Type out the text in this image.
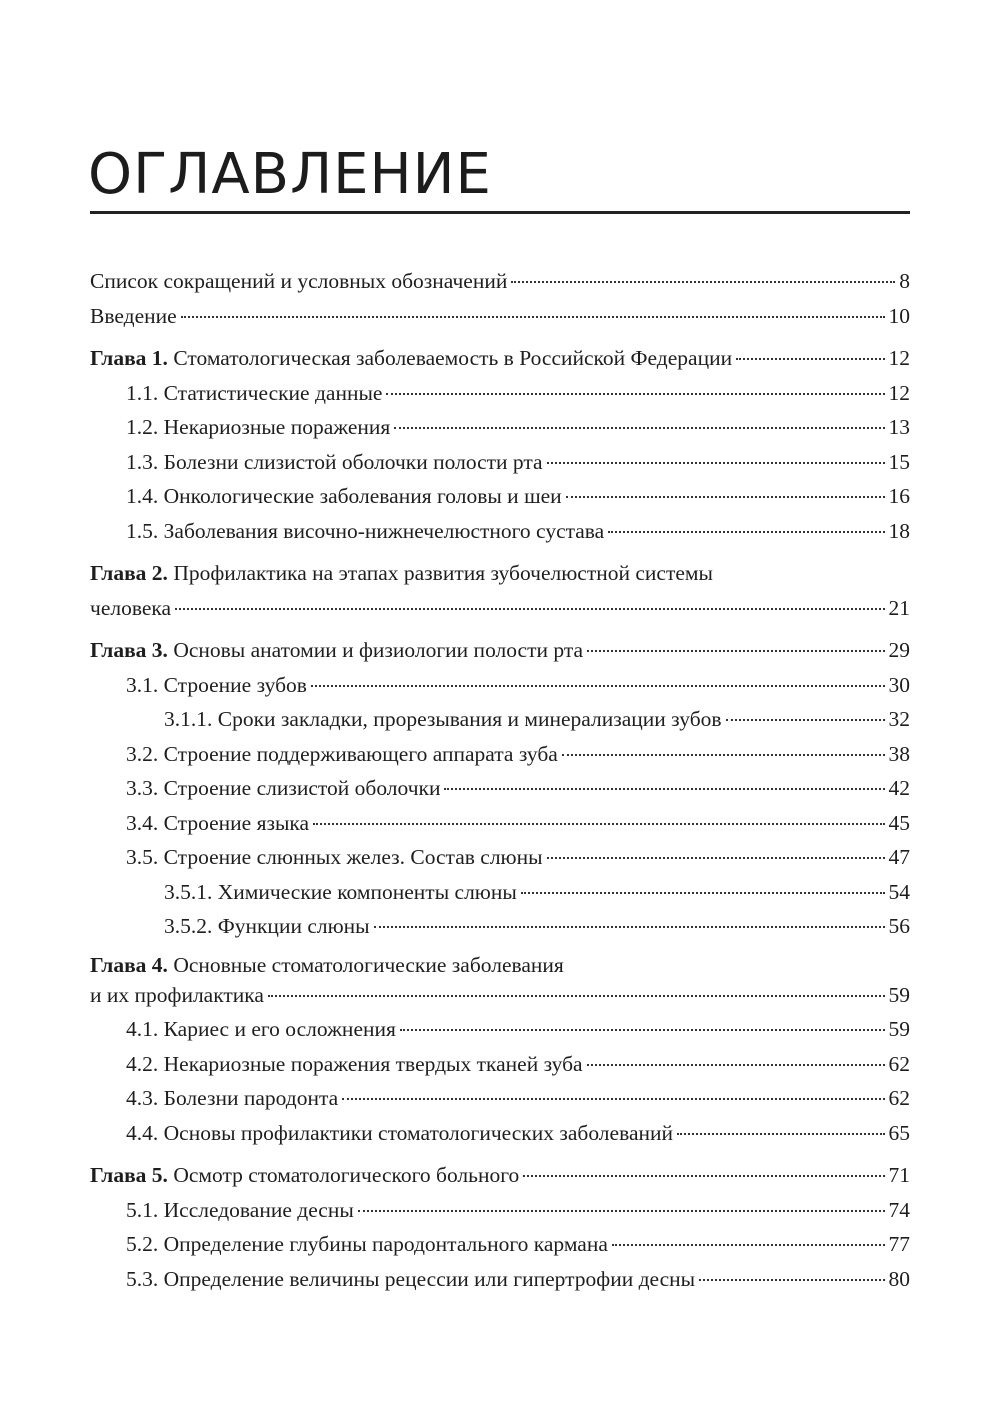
ОГЛАВЛЕНИЕ
Список сокращений и условных обозначений	8
Введение	10
Глава 1. Стоматологическая заболеваемость в Российской Федерации	12
1.1. Статистические данные	12
1.2. Некариозные поражения	13
1.3. Болезни слизистой оболочки полости рта	15
1.4. Онкологические заболевания головы и шеи	16
1.5. Заболевания височно-нижнечелюстного сустава	18
Глава 2. Профилактика на этапах развития зубочелюстной системы
человека	21
Глава 3. Основы анатомии и физиологии полости рта	29
3.1. Строение зубов	30
3.1.1. Сроки закладки, прорезывания и минерализации зубов	32
3.2. Строение поддерживающего аппарата зуба	38
3.3. Строение слизистой оболочки	42
3.4. Строение языка	45
3.5. Строение слюнных желез. Состав слюны	47
3.5.1. Химические компоненты слюны	54
3.5.2. Функции слюны	56
Глава 4. Основные стоматологические заболевания
и их профилактика	59
4.1. Кариес и его осложнения	59
4.2. Некариозные поражения твердых тканей зуба	62
4.3. Болезни пародонта	62
4.4. Основы профилактики стоматологических заболеваний	65
Глава 5. Осмотр стоматологического больного	71
5.1. Исследование десны	74
5.2. Определение глубины пародонтального кармана	77
5.3. Определение величины рецессии или гипертрофии десны	80
